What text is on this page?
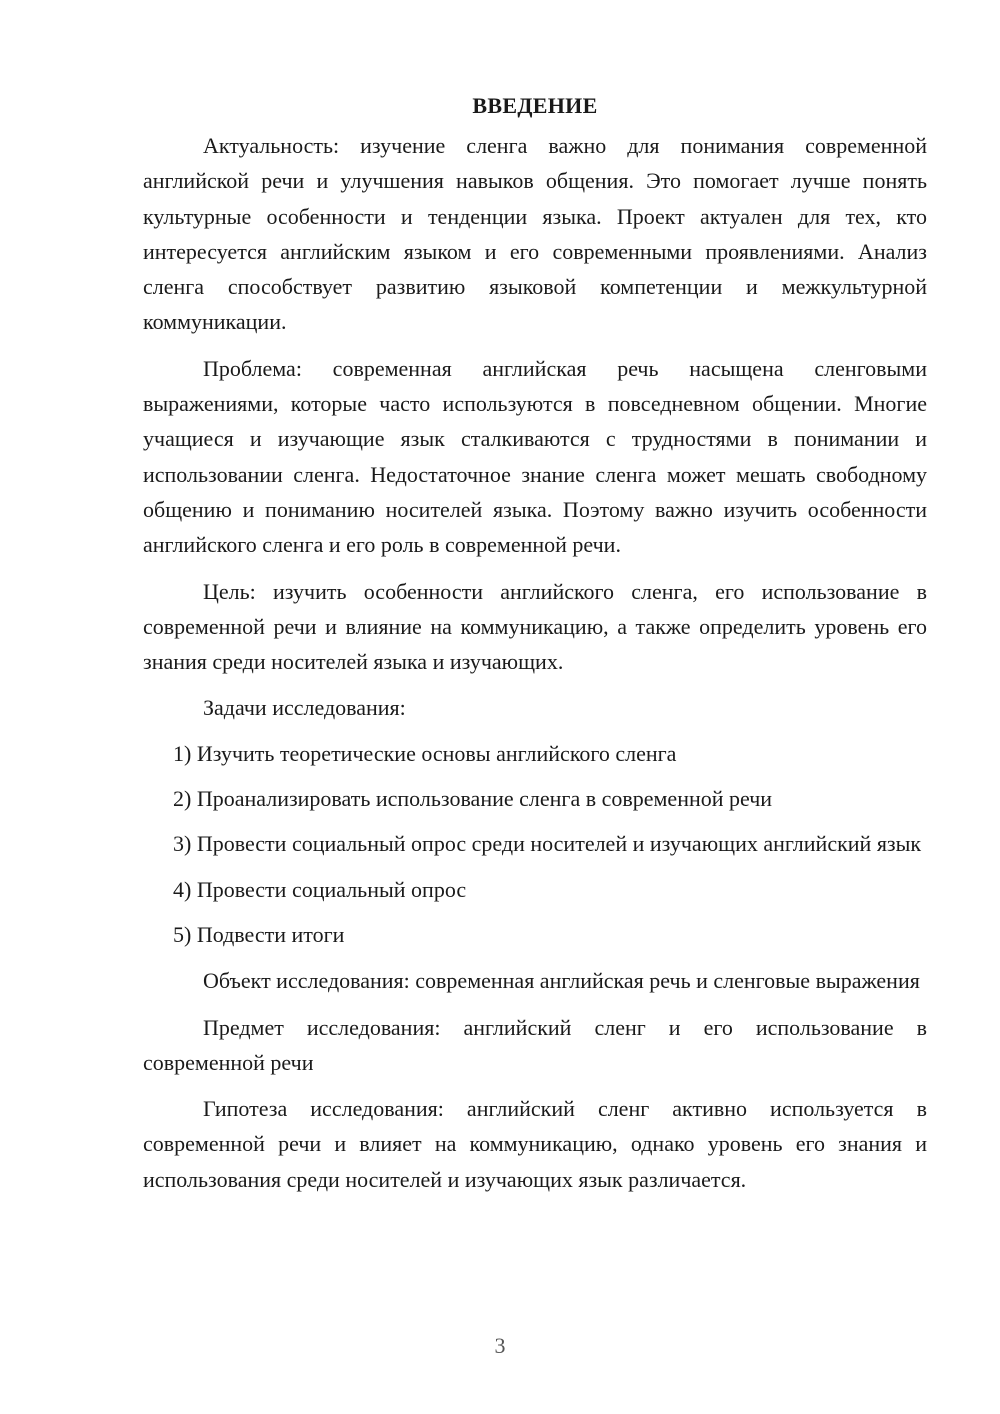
ВВЕДЕНИЕ

Актуальность: изучение сленга важно для понимания современной английской речи и улучшения навыков общения. Это помогает лучше понять культурные особенности и тенденции языка. Проект актуален для тех, кто интересуется английским языком и его современными проявлениями. Анализ сленга способствует развитию языковой компетенции и межкультурной коммуникации.

Проблема: современная английская речь насыщена сленговыми выражениями, которые часто используются в повседневном общении. Многие учащиеся и изучающие язык сталкиваются с трудностями в понимании и использовании сленга. Недостаточное знание сленга может мешать свободному общению и пониманию носителей языка. Поэтому важно изучить особенности английского сленга и его роль в современной речи.

Цель: изучить особенности английского сленга, его использование в современной речи и влияние на коммуникацию, а также определить уровень его знания среди носителей языка и изучающих.

Задачи исследования:

1) Изучить теоретические основы английского сленга

2) Проанализировать использование сленга в современной речи

3) Провести социальный опрос среди носителей и изучающих английский язык

4) Провести социальный опрос

5) Подвести итоги

Объект исследования: современная английская речь и сленговые выражения

Предмет исследования: английский сленг и его использование в современной речи

Гипотеза исследования: английский сленг активно используется в современной речи и влияет на коммуникацию, однако уровень его знания и использования среди носителей и изучающих язык различается.

3
